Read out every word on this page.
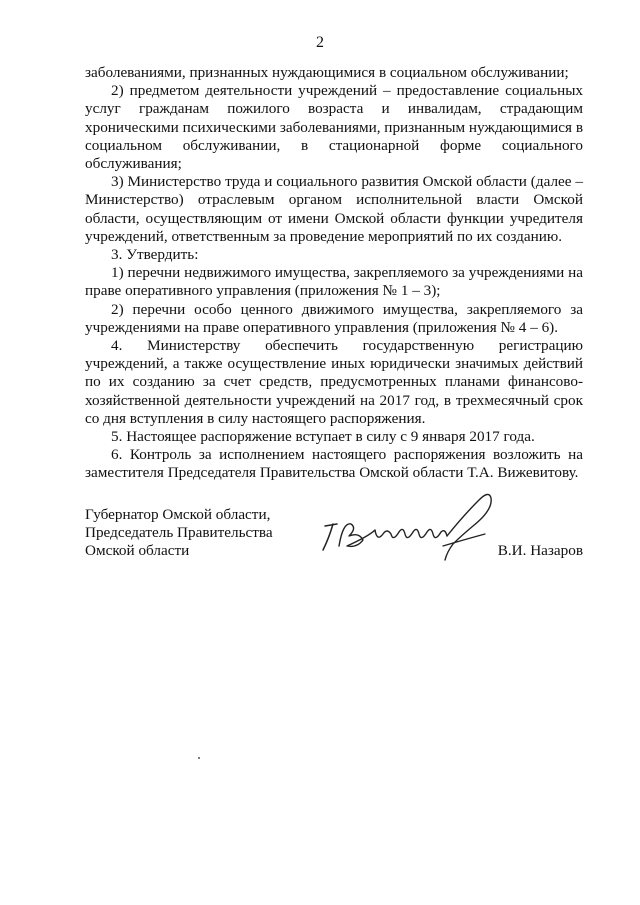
2

заболеваниями, признанных нуждающимися в социальном обслуживании;

2) предметом деятельности учреждений – предоставление социальных услуг гражданам пожилого возраста и инвалидам, страдающим хроническими психическими заболеваниями, признанным нуждающимися в социальном обслуживании, в стационарной форме социального обслуживания;

3) Министерство труда и социального развития Омской области (далее – Министерство) отраслевым органом исполнительной власти Омской области, осуществляющим от имени Омской области функции учредителя учреждений, ответственным за проведение мероприятий по их созданию.

3. Утвердить:

1) перечни недвижимого имущества, закрепляемого за учреждениями на праве оперативного управления (приложения № 1 – 3);

2) перечни особо ценного движимого имущества, закрепляемого за учреждениями на праве оперативного управления (приложения № 4 – 6).

4. Министерству обеспечить государственную регистрацию учреждений, а также осуществление иных юридически значимых действий по их созданию за счет средств, предусмотренных планами финансово-хозяйственной деятельности учреждений на 2017 год, в трехмесячный срок со дня вступления в силу настоящего распоряжения.

5. Настоящее распоряжение вступает в силу с 9 января 2017 года.

6. Контроль за исполнением настоящего распоряжения возложить на заместителя Председателя Правительства Омской области Т.А. Вижевитову.

Губернатор Омской области,
Председатель Правительства
Омской области	В.И. Назаров
